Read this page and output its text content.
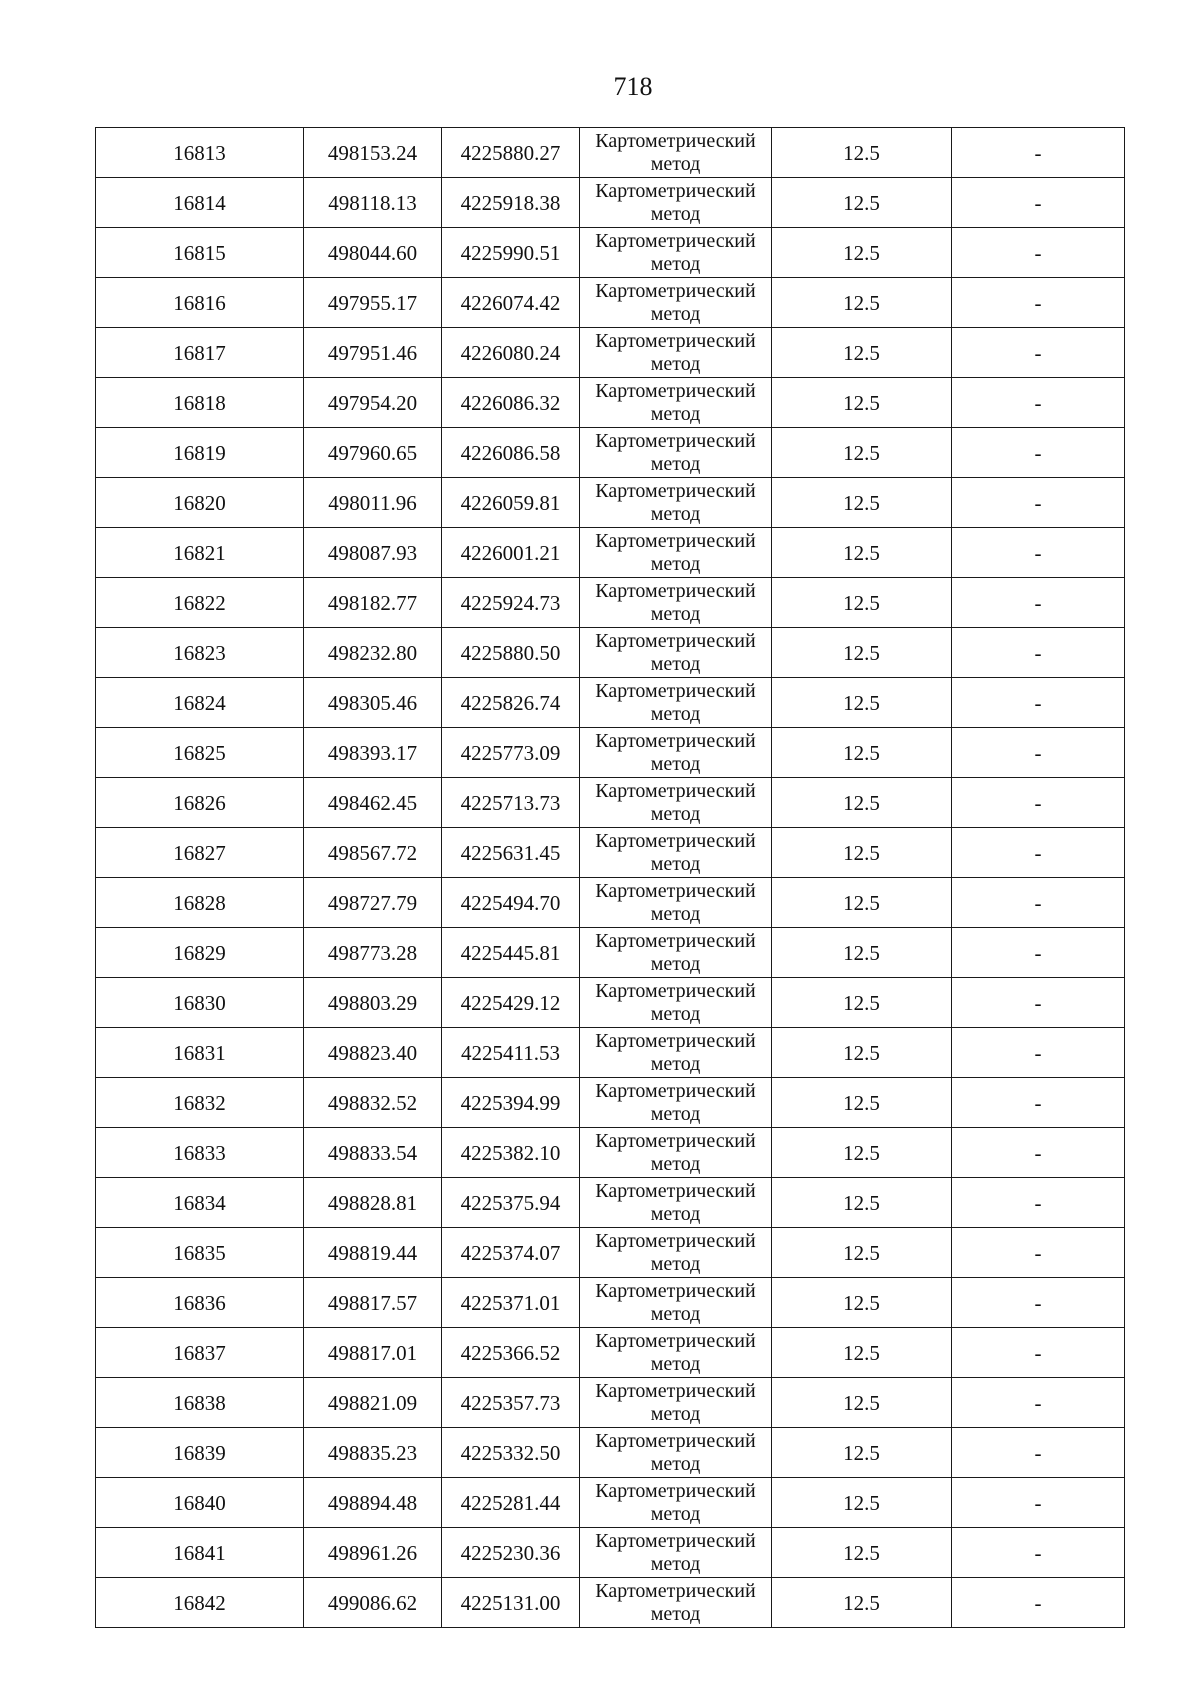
718
16813	498153.24	4225880.27	Картометрический
метод	12.5	-
16814	498118.13	4225918.38	Картометрический
метод	12.5	-
16815	498044.60	4225990.51	Картометрический
метод	12.5	-
16816	497955.17	4226074.42	Картометрический
метод	12.5	-
16817	497951.46	4226080.24	Картометрический
метод	12.5	-
16818	497954.20	4226086.32	Картометрический
метод	12.5	-
16819	497960.65	4226086.58	Картометрический
метод	12.5	-
16820	498011.96	4226059.81	Картометрический
метод	12.5	-
16821	498087.93	4226001.21	Картометрический
метод	12.5	-
16822	498182.77	4225924.73	Картометрический
метод	12.5	-
16823	498232.80	4225880.50	Картометрический
метод	12.5	-
16824	498305.46	4225826.74	Картометрический
метод	12.5	-
16825	498393.17	4225773.09	Картометрический
метод	12.5	-
16826	498462.45	4225713.73	Картометрический
метод	12.5	-
16827	498567.72	4225631.45	Картометрический
метод	12.5	-
16828	498727.79	4225494.70	Картометрический
метод	12.5	-
16829	498773.28	4225445.81	Картометрический
метод	12.5	-
16830	498803.29	4225429.12	Картометрический
метод	12.5	-
16831	498823.40	4225411.53	Картометрический
метод	12.5	-
16832	498832.52	4225394.99	Картометрический
метод	12.5	-
16833	498833.54	4225382.10	Картометрический
метод	12.5	-
16834	498828.81	4225375.94	Картометрический
метод	12.5	-
16835	498819.44	4225374.07	Картометрический
метод	12.5	-
16836	498817.57	4225371.01	Картометрический
метод	12.5	-
16837	498817.01	4225366.52	Картометрический
метод	12.5	-
16838	498821.09	4225357.73	Картометрический
метод	12.5	-
16839	498835.23	4225332.50	Картометрический
метод	12.5	-
16840	498894.48	4225281.44	Картометрический
метод	12.5	-
16841	498961.26	4225230.36	Картометрический
метод	12.5	-
16842	499086.62	4225131.00	Картометрический
метод	12.5	-
